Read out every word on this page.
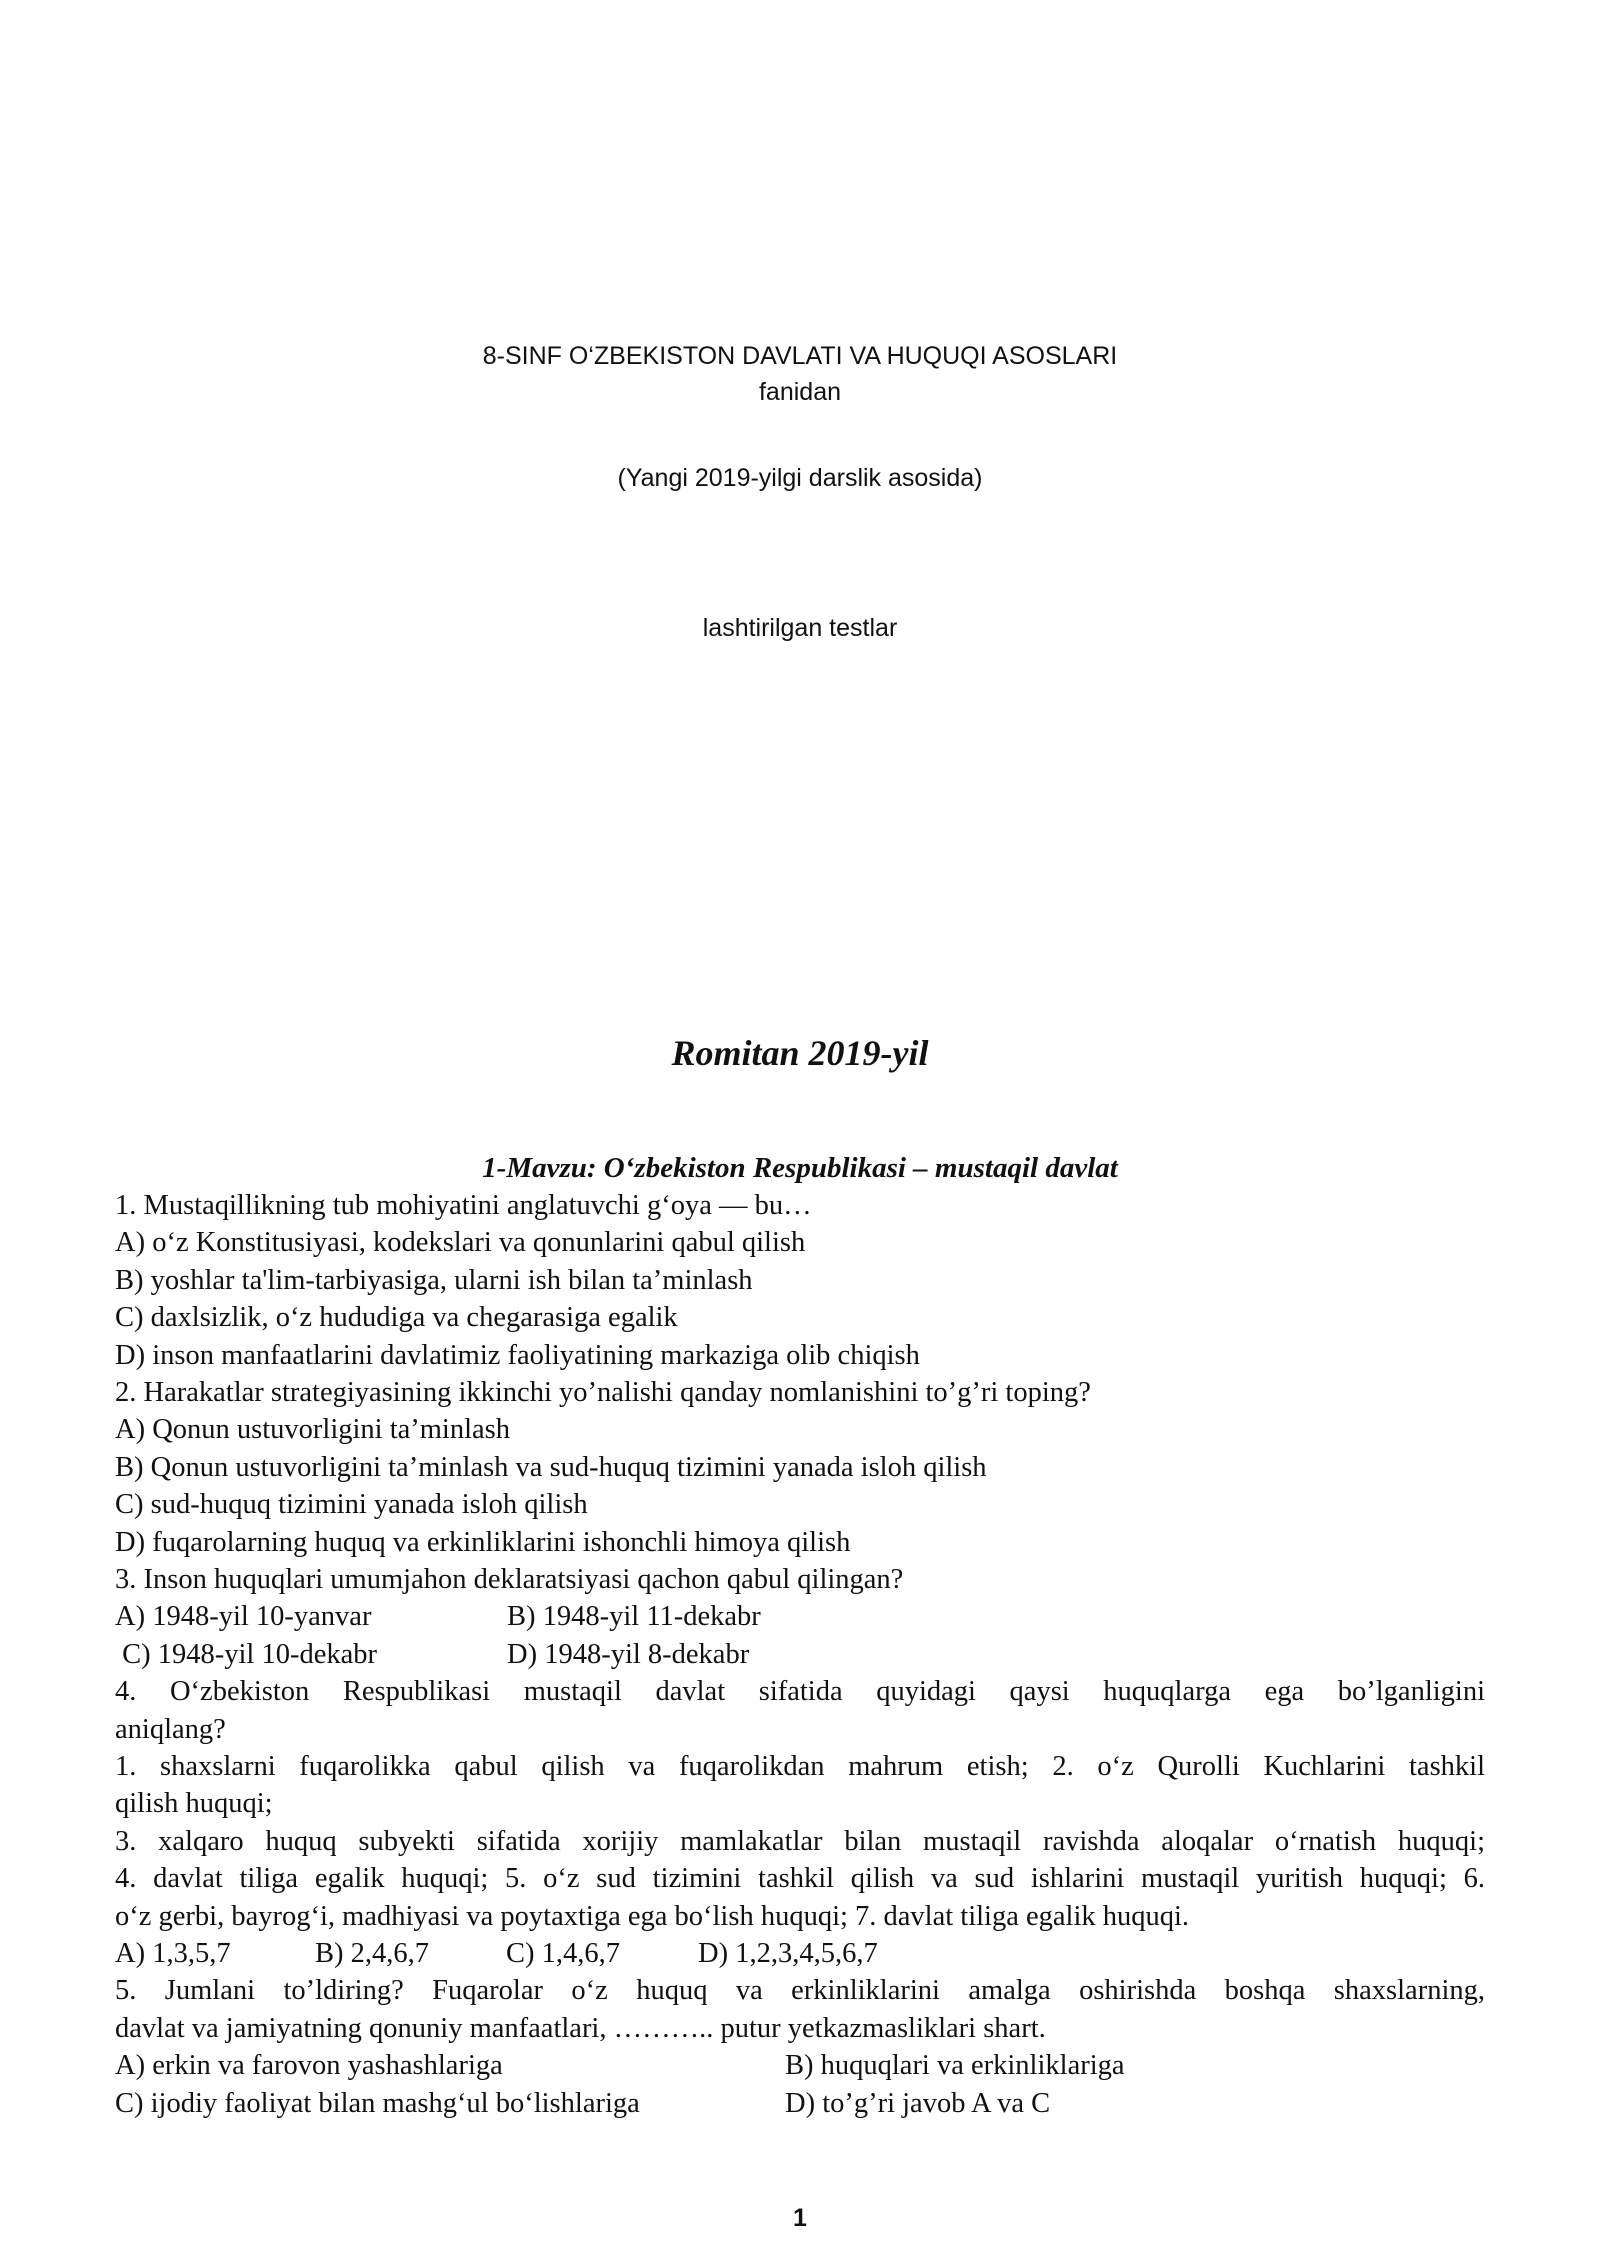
8-SINF O‘ZBEKISTON DAVLATI VA HUQUQI ASOSLARI
fanidan
(Yangi 2019-yilgi darslik asosida)
lashtirilgan testlar
Romitan 2019-yil
1-Mavzu: O‘zbekiston Respublikasi – mustaqil davlat
1. Mustaqillikning tub mohiyatini anglatuvchi g‘oya — bu…
A) o‘z Konstitusiyasi, kodekslari va qonunlarini qabul qilish
B) yoshlar ta'lim-tarbiyasiga, ularni ish bilan ta’minlash
C) daxlsizlik, o‘z hududiga va chegarasiga egalik
D) inson manfaatlarini davlatimiz faoliyatining markaziga olib chiqish
2. Harakatlar strategiyasining ikkinchi yo’nalishi qanday nomlanishini to’g’ri toping?
A) Qonun ustuvorligini ta’minlash
B) Qonun ustuvorligini ta’minlash va sud-huquq tizimini yanada isloh qilish
C) sud-huquq tizimini yanada isloh qilish
D) fuqarolarning huquq va erkinliklarini ishonchli himoya qilish
3. Inson huquqlari umumjahon deklaratsiyasi qachon qabul qilingan?
A) 1948-yil 10-yanvar	B) 1948-yil 11-dekabr
C) 1948-yil 10-dekabr	D) 1948-yil 8-dekabr
4. O‘zbekiston Respublikasi mustaqil davlat sifatida quyidagi qaysi huquqlarga ega bo’lganligini
aniqlang?
1. shaxslarni fuqarolikka qabul qilish va fuqarolikdan mahrum etish; 2. o‘z Qurolli Kuchlarini tashkil
qilish huquqi;
3. xalqaro huquq subyekti sifatida xorijiy mamlakatlar bilan mustaqil ravishda aloqalar o‘rnatish huquqi;
4. davlat tiliga egalik huquqi; 5. o‘z sud tizimini tashkil qilish va sud ishlarini mustaqil yuritish huquqi; 6.
o‘z gerbi, bayrog‘i, madhiyasi va poytaxtiga ega bo‘lish huquqi; 7. davlat tiliga egalik huquqi.
A) 1,3,5,7	B) 2,4,6,7	C) 1,4,6,7	D) 1,2,3,4,5,6,7
5. Jumlani to’ldiring? Fuqarolar o‘z huquq va erkinliklarini amalga oshirishda boshqa shaxslarning,
davlat va jamiyatning qonuniy manfaatlari, ……….. putur yetkazmasliklari shart.
A) erkin va farovon yashashlariga	B) huquqlari va erkinliklariga
C) ijodiy faoliyat bilan mashg‘ul bo‘lishlariga	D) to’g’ri javob A va C
1
